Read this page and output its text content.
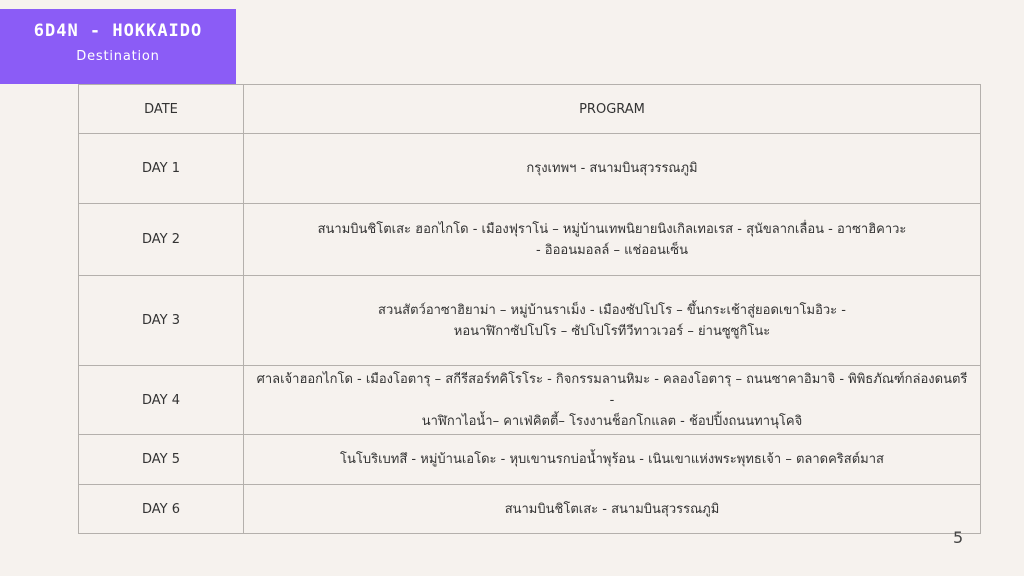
6D4N - HOKKAIDO
Destination
DATE	PROGRAM
DAY 1	กรุงเทพฯ - สนามบินสุวรรณภูมิ

DAY 2	สนามบินชิโตเสะ ฮอกไกโด - เมืองฟุราโน่ – หมู่บ้านเทพนิยายนิงเกิลเทอเรส - สุนัขลากเลื่อน - อาซาฮิคาวะ
- อิออนมอลล์ – แช่ออนเซ็น

DAY 3	สวนสัตว์อาซาฮิยาม่า – หมู่บ้านราเม็ง - เมืองซัปโปโร – ขึ้นกระเช้าสู่ยอดเขาโมอิวะ -
หอนาฬิกาซัปโปโร – ซัปโปโรทีวีทาวเวอร์ – ย่านซูซูกิโนะ

DAY 4	ศาลเจ้าฮอกไกโด - เมืองโอตารุ – สกีรีสอร์ทคิโรโระ - กิจกรรมลานหิมะ - คลองโอตารุ – ถนนซาคาอิมาจิ - พิพิธภัณฑ์กล่องดนตรี -
นาฬิกาไอน้ำ– คาเฟ่คิตตี้– โรงงานช็อกโกแลต - ช้อปปิ้งถนนทานุโคจิ

DAY 5	โนโบริเบทสึ - หมู่บ้านเอโดะ - หุบเขานรกบ่อน้ำพุร้อน - เนินเขาแห่งพระพุทธเจ้า – ตลาดคริสต์มาส

DAY 6	สนามบินชิโตเสะ - สนามบินสุวรรณภูมิ
5
